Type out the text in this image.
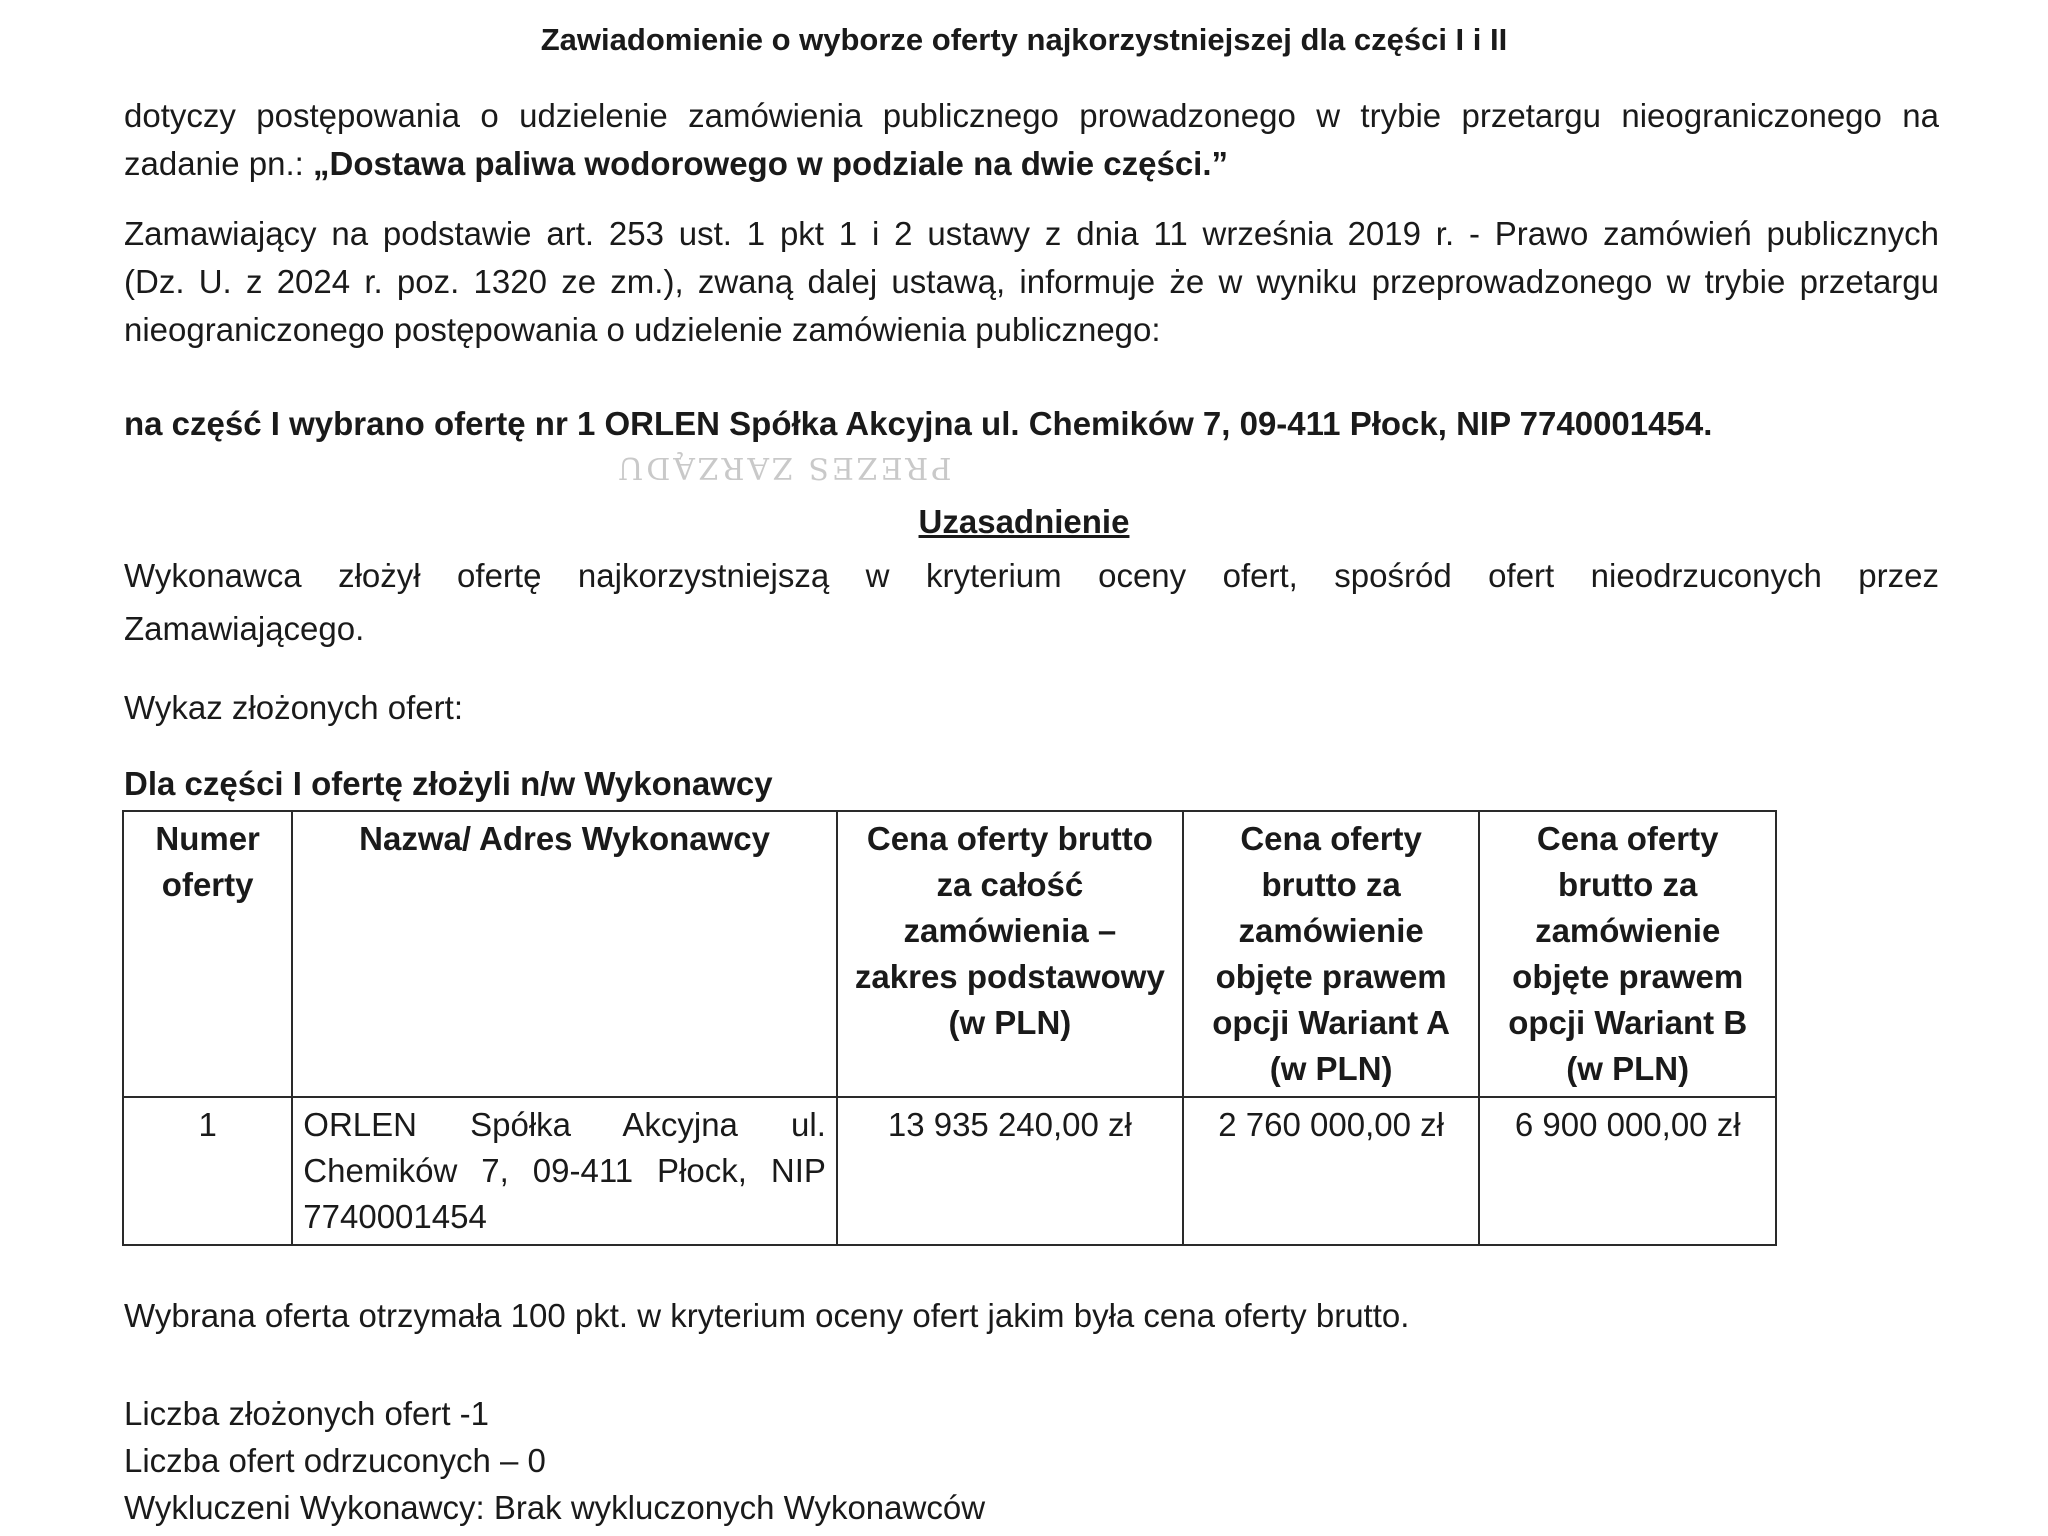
Zawiadomienie o wyborze oferty najkorzystniejszej dla części I i II
dotyczy postępowania o udzielenie zamówienia publicznego prowadzonego w trybie przetargu nieograniczonego na
zadanie pn.: „Dostawa paliwa wodorowego w podziale na dwie części.”
Zamawiający na podstawie art. 253 ust. 1 pkt 1 i 2 ustawy z dnia 11 września 2019 r. - Prawo zamówień publicznych
(Dz. U. z 2024 r. poz. 1320 ze zm.), zwaną dalej ustawą, informuje że w wyniku przeprowadzonego w trybie przetargu
nieograniczonego postępowania o udzielenie zamówienia publicznego:
na część I wybrano ofertę nr 1 ORLEN Spółka Akcyjna ul. Chemików 7, 09-411 Płock, NIP 7740001454.
PREZES ZARZĄDU
Uzasadnienie
Wykonawca złożył ofertę najkorzystniejszą w kryterium oceny ofert, spośród ofert nieodrzuconych przez
Zamawiającego.
Wykaz złożonych ofert:
Dla części I ofertę złożyli n/w Wykonawcy
Numer oferty	Nazwa/ Adres Wykonawcy	Cena oferty brutto za całość zamówienia – zakres podstawowy (w PLN)	Cena oferty brutto za zamówienie objęte prawem opcji Wariant A (w PLN)	Cena oferty brutto za zamówienie objęte prawem opcji Wariant B (w PLN)
1	ORLEN Spółka Akcyjna ul. Chemików 7, 09-411 Płock, NIP 7740001454	13 935 240,00 zł	2 760 000,00 zł	6 900 000,00 zł
Wybrana oferta otrzymała 100 pkt. w kryterium oceny ofert jakim była cena oferty brutto.
Liczba złożonych ofert -1
Liczba ofert odrzuconych – 0
Wykluczeni Wykonawcy: Brak wykluczonych Wykonawców
